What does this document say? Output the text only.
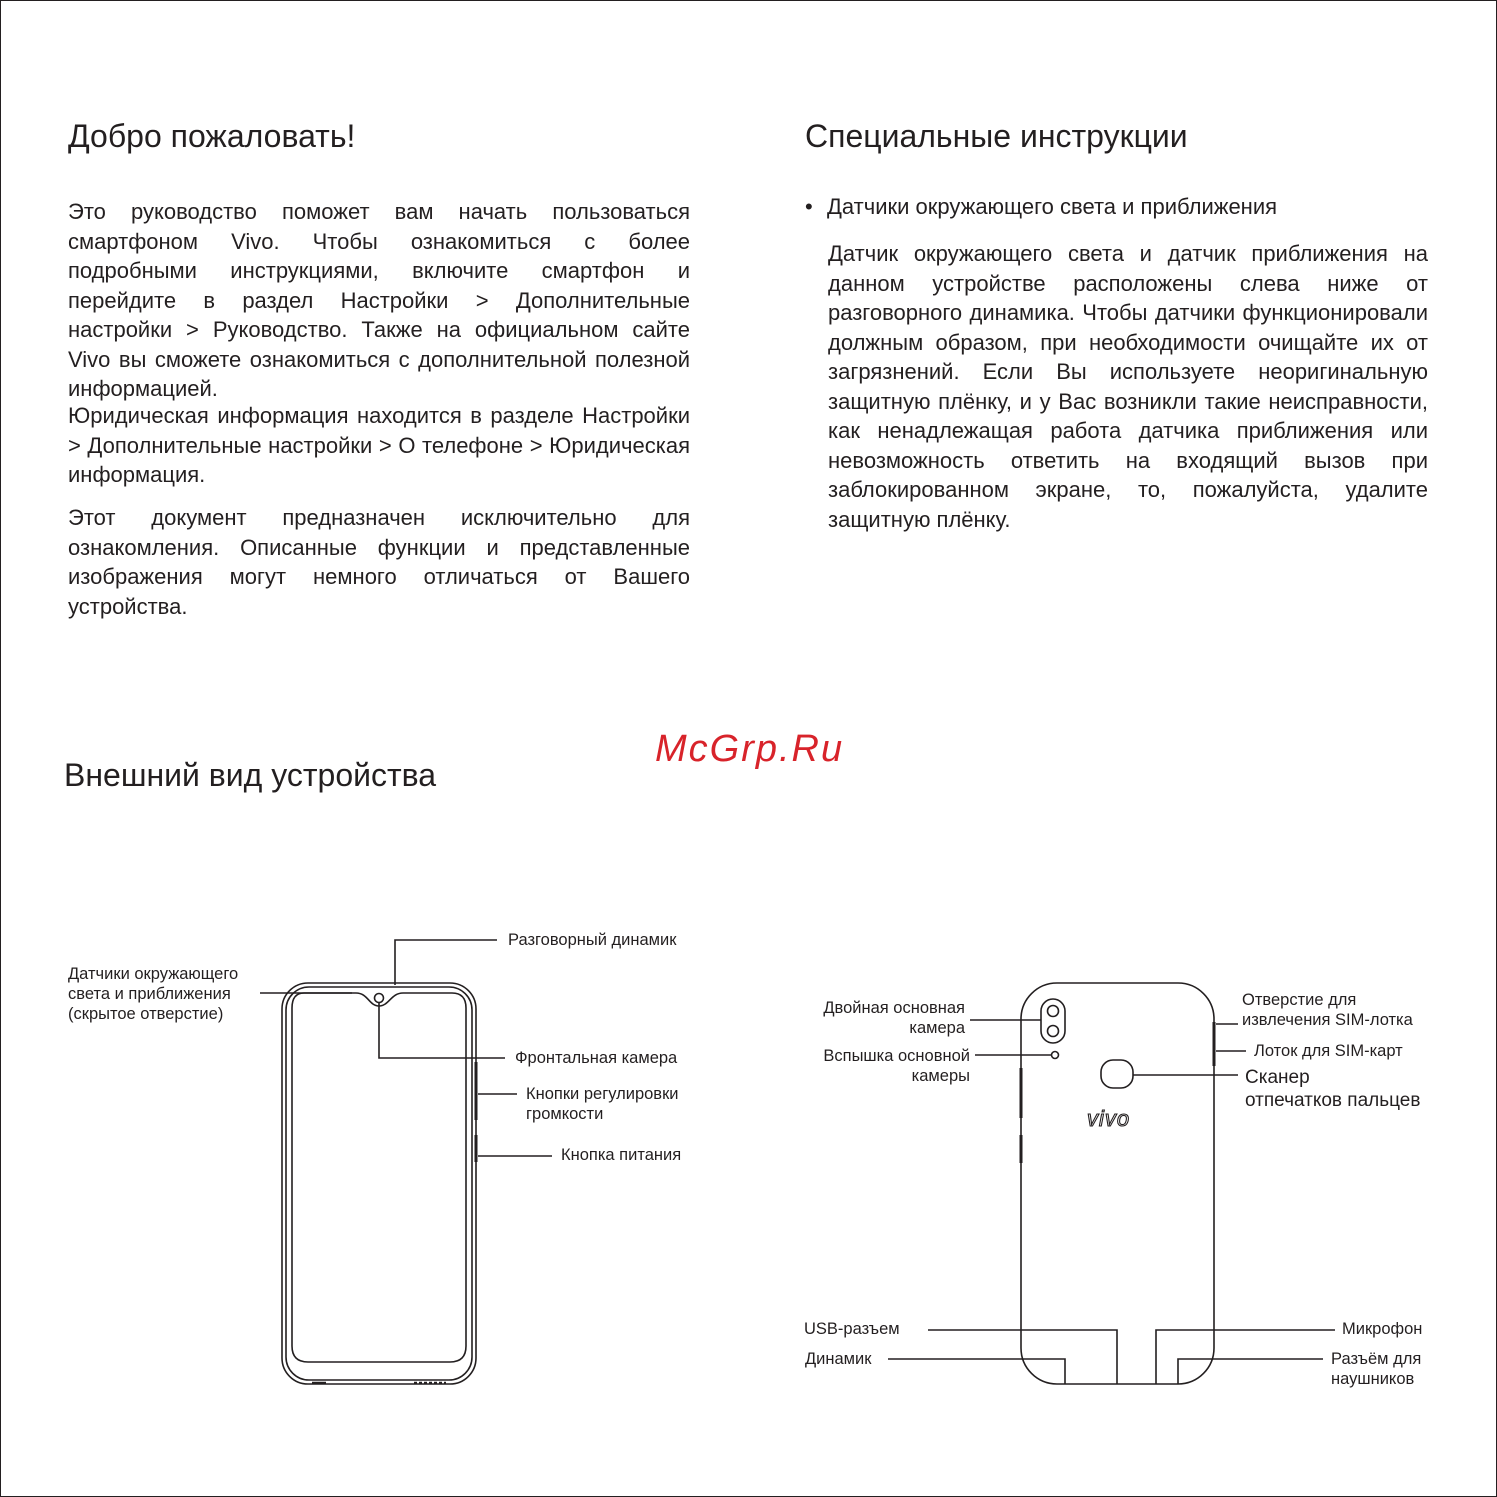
Добро пожаловать!

Это руководство поможет вам начать пользоваться смартфоном Vivo. Чтобы ознакомиться с более подробными инструкциями, включите смартфон и перейдите в раздел Настройки > Дополнительные настройки > Руководство. Также на официальном сайте Vivo вы сможете ознакомиться с дополнительной полезной информацией.

Юридическая информация находится в разделе Настройки > Дополнительные настройки > О телефоне > Юридическая информация.

Этот документ предназначен исключительно для ознакомления. Описанные функции и представленные изображения могут немного отличаться от Вашего устройства.

Специальные инструкции
• Датчики окружающего света и приближения

Датчик окружающего света и датчик приближения на данном устройстве расположены слева ниже от разговорного динамика. Чтобы датчики функционировали должным образом, при необходимости очищайте их от загрязнений. Если Вы используете неоригинальную защитную плёнку, и у Вас возникли такие неисправности, как ненадлежащая работа датчика приближения или невозможность ответить на входящий вызов при заблокированном экране, то, пожалуйста, удалите защитную плёнку.

McGrp.Ru
Внешний вид устройства
vivo
Разговорный динамик
Датчики окружающего
света и приближения
(скрытое отверстие)
Фронтальная камера
Кнопки регулировки
громкости
Кнопка питания
Двойная основная
камера
Вспышка основной
камеры
Отверстие для
извлечения SIM-лотка
Лоток для SIM-карт
Сканер
отпечатков пальцев
USB-разъем
Динамик
Микрофон
Разъём для
наушников
